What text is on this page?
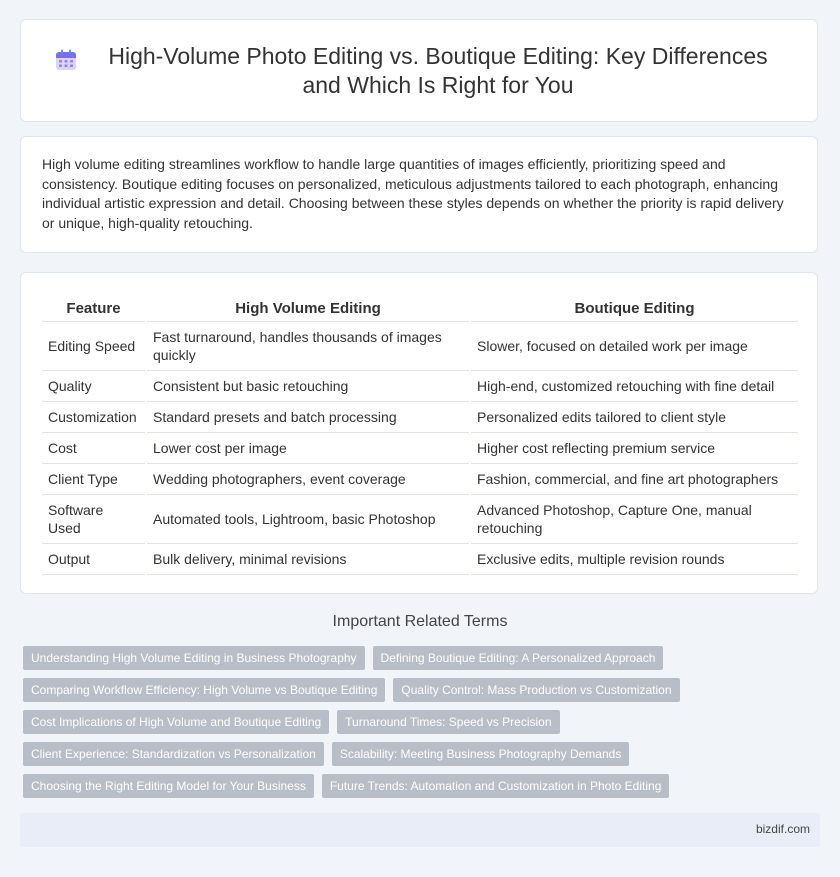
High-Volume Photo Editing vs. Boutique Editing: Key Differences and Which Is Right for You

High volume editing streamlines workflow to handle large quantities of images efficiently, prioritizing speed and consistency. Boutique editing focuses on personalized, meticulous adjustments tailored to each photograph, enhancing individual artistic expression and detail. Choosing between these styles depends on whether the priority is rapid delivery or unique, high-quality retouching.

Feature	High Volume Editing	Boutique Editing
Editing Speed	Fast turnaround, handles thousands of images quickly	Slower, focused on detailed work per image
Quality	Consistent but basic retouching	High-end, customized retouching with fine detail
Customization	Standard presets and batch processing	Personalized edits tailored to client style
Cost	Lower cost per image	Higher cost reflecting premium service
Client Type	Wedding photographers, event coverage	Fashion, commercial, and fine art photographers
Software Used	Automated tools, Lightroom, basic Photoshop	Advanced Photoshop, Capture One, manual retouching
Output	Bulk delivery, minimal revisions	Exclusive edits, multiple revision rounds
Important Related Terms
Understanding High Volume Editing in Business Photography	Defining Boutique Editing: A Personalized Approach
Comparing Workflow Efficiency: High Volume vs Boutique Editing	Quality Control: Mass Production vs Customization
Cost Implications of High Volume and Boutique Editing	Turnaround Times: Speed vs Precision
Client Experience: Standardization vs Personalization	Scalability: Meeting Business Photography Demands
Choosing the Right Editing Model for Your Business	Future Trends: Automation and Customization in Photo Editing
bizdif.com
